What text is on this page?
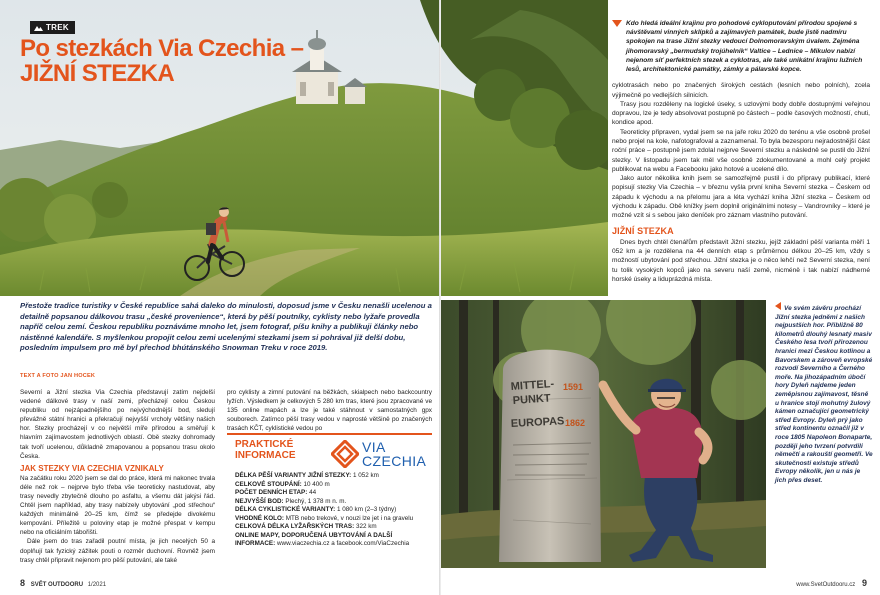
TREK
Po stezkách Via Czechia –
JIŽNÍ STEZKA
Kdo hledá ideální krajinu pro pohodové cykloputování přírodou spojené s návštěvami vinných sklípků a zajímavých památek, bude jistě nadmíru spokojen na trase Jižní stezky vedoucí Dolnomoravským úvalem. Zejména jihomoravský „bermudský trojúhelník“ Valtice – Lednice – Mikulov nabízí nejenom síť perfektních stezek a cyklotras, ale také unikátní krajinu lužních lesů, architektonické památky, zámky a pálavské kopce.

cyklotrasách nebo po značených širokých cestách (lesních nebo polních), zcela výjimečně po vedlejších silnicích.

Trasy jsou rozděleny na logické úseky, s uzlovými body dobře dostupnými veřejnou dopravou, lze je tedy absolvovat postupně po částech – podle časových možností, chuti, kondice apod.

Teoreticky připraven, vydal jsem se na jaře roku 2020 do terénu a vše osobně prošel nebo projel na kole, nafotografoval a zaznamenal. To byla bezesporu nejradostnější část roční práce – postupně jsem zdolal nejprve Severní stezku a následně se pustil do Jižní stezky. V listopadu jsem tak měl vše osobně zdokumentované a mohl celý projekt publikovat na webu a Facebooku jako hotové a ucelené dílo.

Jako autor několika knih jsem se samozřejmě pustil i do přípravy publikací, které popisují stezky Via Czechia – v březnu vyšla první kniha Severní stezka – Českem od západu k východu a na přelomu jara a léta vychází kniha Jižní stezka – Českem od východu k západu. Obě knížky jsem doplnil originálními notesy – Vandrovníky – které je možné vzít si s sebou jako deníček pro záznam vlastního putování.

JIŽNÍ STEZKA

Dnes bych chtěl čtenářům představit Jižní stezku, jejíž základní pěší varianta měří 1 052 km a je rozdělena na 44 denních etap s průměrnou délkou 20–25 km, vždy s možností ubytování pod střechou. Jižní stezka je o něco lehčí než Severní stezka, není tu tolik vysokých kopců jako na severu naší země, nicméně i tak nabízí nádherné horské úseky a liduprázdná místa.

Přestože tradice turistiky v České republice sahá daleko do minulosti, doposud jsme v Česku nenašli ucelenou a detailně popsanou dálkovou trasu „české provenience“, která by pěší poutníky, cyklisty nebo lyžaře provedla napříč celou zemí. Českou republiku poznáváme mnoho let, jsem fotograf, píšu knihy a publikuji články nebo nástěnné kalendáře. S myšlenkou propojit celou zemi ucelenými stezkami jsem si pohrával již delší dobu, posledním impulsem pro mě byl přechod bhútánského Snowman Treku v roce 2019.
TEXT A FOTO JAN HOCEK

Severní a Jižní stezka Via Czechia představují zatím nejdelší vedené dálkové trasy v naší zemi, přecházejí celou Českou republiku od nejzápadnějšího po nejvýchodnější bod, sledují převážně státní hranici a překračují nejvyšší vrcholy většiny našich hor. Stezky procházejí v co největší míře přírodou a směřují k hlavním zajímavostem jednotlivých oblastí. Obě stezky dohromady tak tvoří ucelenou, důkladně zmapovanou a popsanou trasu okolo Česka.

JAK STEZKY VIA CZECHIA VZNIKALY

Na začátku roku 2020 jsem se dal do práce, která mi nakonec trvala déle než rok – nejprve bylo třeba vše teoreticky nastudovat, aby trasy nevedly zbytečně dlouho po asfaltu, a všemu dát jakýsi řád. Chtěl jsem například, aby trasy nabízely ubytování „pod střechou“ každých minimálně 20–25 km, čímž se předejde divokému kempování. Příležitě u poloviny etap je možné přespat v kempu nebo na oficiálním tábořišti.

Dále jsem do tras zařadil poutní místa, je jich necelých 50 a doplňují tak fyzický zážitek pouti o rozměr duchovní. Rovněž jsem trasy chtěl připravit nejenom pro pěší putování, ale také

pro cyklisty a zimní putování na běžkách, skialpech nebo backcountry lyžích. Výsledkem je celkových 5 280 km tras, které jsou zpracované ve 135 online mapách a lze je také stáhnout v samostatných gpx souborech. Zatímco pěší trasy vedou v naprosté většině po značených trasách KČT, cyklistické vedou po

PRAKTICKÉ
INFORMACE
VIA
CZECHIA
DÉLKA PĚŠÍ VARIANTY JIŽNÍ STEZKY: 1 052 km
CELKOVÉ STOUPÁNÍ: 10 400 m
POČET DENNÍCH ETAP: 44
NEJVYŠŠÍ BOD: Plechý, 1 378 m n. m.
DÉLKA CYKLISTICKÉ VARIANTY: 1 080 km (2–3 týdny)
VHODNÉ KOLO: MTB nebo trekové, v nouzi lze jet i na gravelu
CELKOVÁ DÉLKA LYŽAŘSKÝCH TRAS: 322 km
ONLINE MAPY, DOPORUČENÁ UBYTOVÁNÍ A DALŠÍ INFORMACE: www.viaczechia.cz a facebook.com/ViaCzechia
MITTEL-
PUNKT
EUROPAS
1591
1862
Ve svém závěru prochází Jižní stezka jedněmi z našich nejpustších hor. Přibližně 80 kilometrů dlouhý lesnatý masiv Českého lesa tvoří přirozenou hranici mezi Českou kotlinou a Bavorskem a zároveň evropské rozvodí Severního a Černého moře. Na jihozápadním úbočí hory Dyleň najdeme jeden zeměpisnou zajímavost, těsně u hranice stojí mohutný žulový kámen označující geometrický střed Evropy. Dyleň prý jako střed kontinentu označil již v roce 1805 Napoleon Bonaparte, později jeho tvrzení potvrdili němečtí a rakouští geometři. Ve skutečnosti existuje středů Evropy několik, jen u nás je jich přes deset.
8 SVĚT OUTDOORU 1/2021	www.SvetOutdooru.cz 9
